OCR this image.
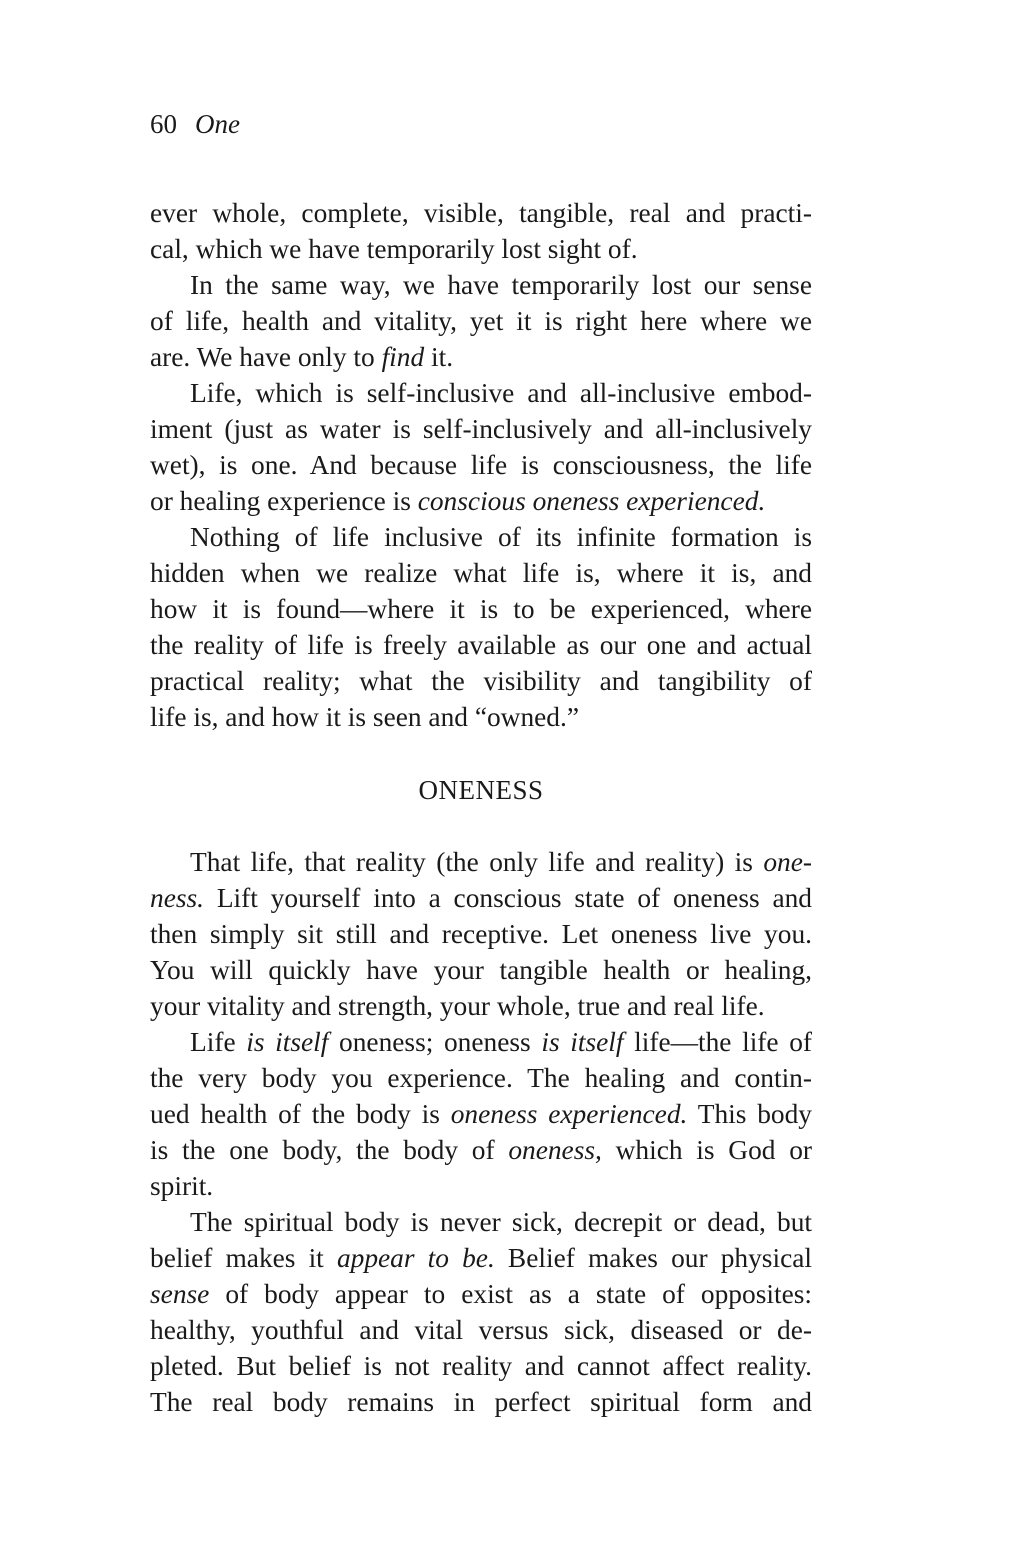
60 One
ever whole, complete, visible, tangible, real and practi-
cal, which we have temporarily lost sight of.
In the same way, we have temporarily lost our sense
of life, health and vitality, yet it is right here where we
are. We have only to find it.
Life, which is self-inclusive and all-inclusive embod-
iment (just as water is self-inclusively and all-inclusively
wet), is one. And because life is consciousness, the life
or healing experience is conscious oneness experienced.
Nothing of life inclusive of its infinite formation is
hidden when we realize what life is, where it is, and
how it is found—where it is to be experienced, where
the reality of life is freely available as our one and actual
practical reality; what the visibility and tangibility of
life is, and how it is seen and “owned.”
ONENESS
That life, that reality (the only life and reality) is one-
ness. Lift yourself into a conscious state of oneness and
then simply sit still and receptive. Let oneness live you.
You will quickly have your tangible health or healing,
your vitality and strength, your whole, true and real life.
Life is itself oneness; oneness is itself life—the life of
the very body you experience. The healing and contin-
ued health of the body is oneness experienced. This body
is the one body, the body of oneness, which is God or
spirit.
The spiritual body is never sick, decrepit or dead, but
belief makes it appear to be. Belief makes our physical
sense of body appear to exist as a state of opposites:
healthy, youthful and vital versus sick, diseased or de-
pleted. But belief is not reality and cannot affect reality.
The real body remains in perfect spiritual form and
